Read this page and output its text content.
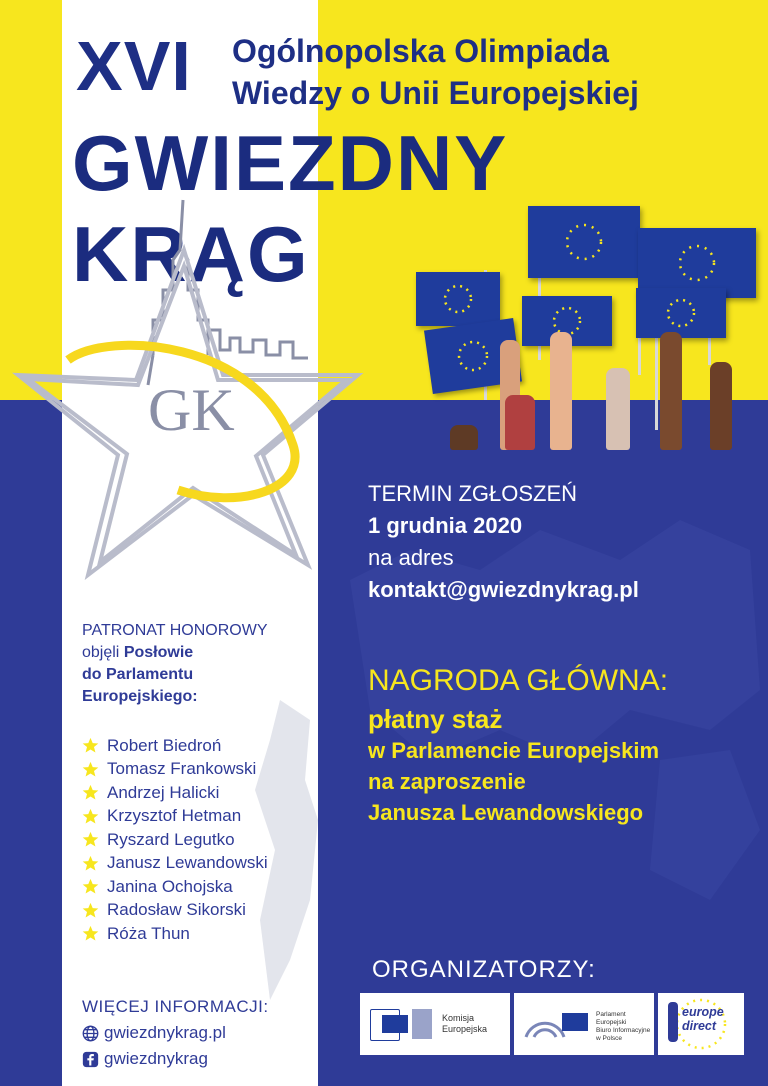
XVI Ogólnopolska Olimpiada
Wiedzy o Unii Europejskiej
GWIEZDNY KRĄG
GK
TERMIN ZGŁOSZEŃ
1 grudnia 2020
na adres
kontakt@gwiezdnykrag.pl
NAGRODA GŁÓWNA:
płatny staż
w Parlamencie Europejskim
na zaproszenie
Janusza Lewandowskiego
PATRONAT HONOROWY
objęli Posłowie
do Parlamentu
Europejskiego:
Robert Biedroń
Tomasz Frankowski
Andrzej Halicki
Krzysztof Hetman
Ryszard Legutko
Janusz Lewandowski
Janina Ochojska
Radosław Sikorski
Róża Thun
WIĘCEJ INFORMACJI:
gwiezdnykrag.pl
gwiezdnykrag
ORGANIZATORZY:
Komisja
Europejska
Parlament Europejski
Biuro Informacyjne
w Polsce
europe
direct
